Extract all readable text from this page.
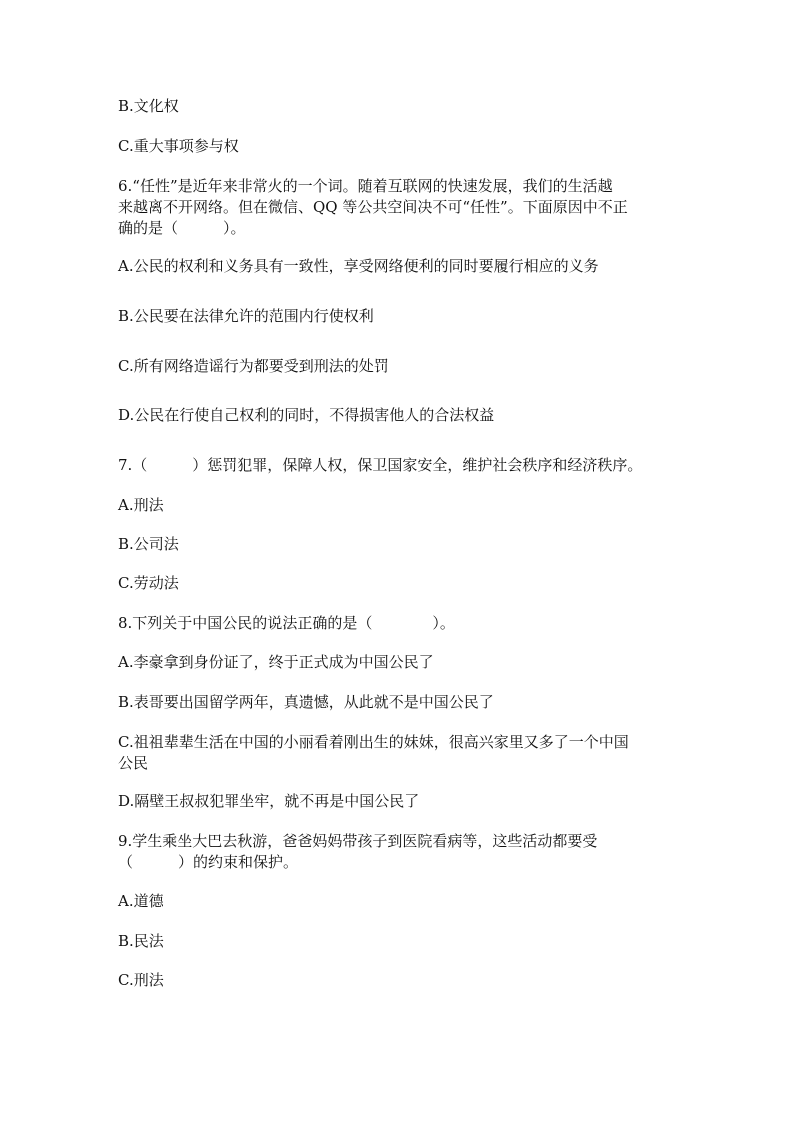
B.文化权
C.重大事项参与权
6.“任性”是近年来非常火的一个词。随着互联网的快速发展，我们的生活越
来越离不开网络。但在微信、QQ 等公共空间决不可“任性”。下面原因中不正
确的是（　　　）。
A.公民的权利和义务具有一致性，享受网络便利的同时要履行相应的义务
B.公民要在法律允许的范围内行使权利
C.所有网络造谣行为都要受到刑法的处罚
D.公民在行使自己权利的同时，不得损害他人的合法权益
7.（　　　）惩罚犯罪，保障人权，保卫国家安全，维护社会秩序和经济秩序。
A.刑法
B.公司法
C.劳动法
8.下列关于中国公民的说法正确的是（　　　　）。
A.李豪拿到身份证了，终于正式成为中国公民了
B.表哥要出国留学两年，真遗憾，从此就不是中国公民了
C.祖祖辈辈生活在中国的小丽看着刚出生的妹妹，很高兴家里又多了一个中国
公民
D.隔壁王叔叔犯罪坐牢，就不再是中国公民了
9.学生乘坐大巴去秋游，爸爸妈妈带孩子到医院看病等，这些活动都要受
（　　　）的约束和保护。
A.道德
B.民法
C.刑法
